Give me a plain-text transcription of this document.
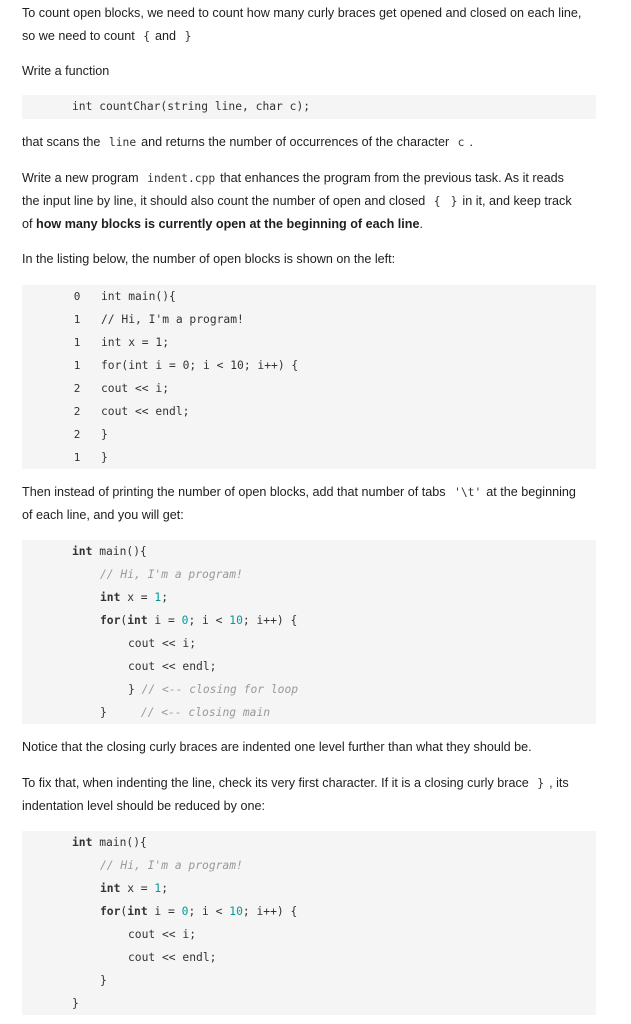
To count open blocks, we need to count how many curly braces get opened and closed on each line,
so we need to count { and }

Write a function

int countChar(string line, char c);

that scans the line and returns the number of occurrences of the character c .

Write a new program indent.cpp that enhances the program from the previous task. As it reads
the input line by line, it should also count the number of open and closed { } in it, and keep track
of how many blocks is currently open at the beginning of each line.

In the listing below, the number of open blocks is shown on the left:

0	int main(){
1	// Hi, I'm a program!
1	int x = 1;
1	for(int i = 0; i < 10; i++) {
2	cout << i;
2	cout << endl;
2	}
1	}

Then instead of printing the number of open blocks, add that number of tabs '\t' at the beginning
of each line, and you will get:

int main(){
// Hi, I'm a program!
int x = 1;
for(int i = 0; i < 10; i++) {
cout << i;
cout << endl;
} // <-- closing for loop
}	// <-- closing main

Notice that the closing curly braces are indented one level further than what they should be.

To fix that, when indenting the line, check its very first character. If it is a closing curly brace } , its
indentation level should be reduced by one:

int main(){
// Hi, I'm a program!
int x = 1;
for(int i = 0; i < 10; i++) {
cout << i;
cout << endl;
}
}
